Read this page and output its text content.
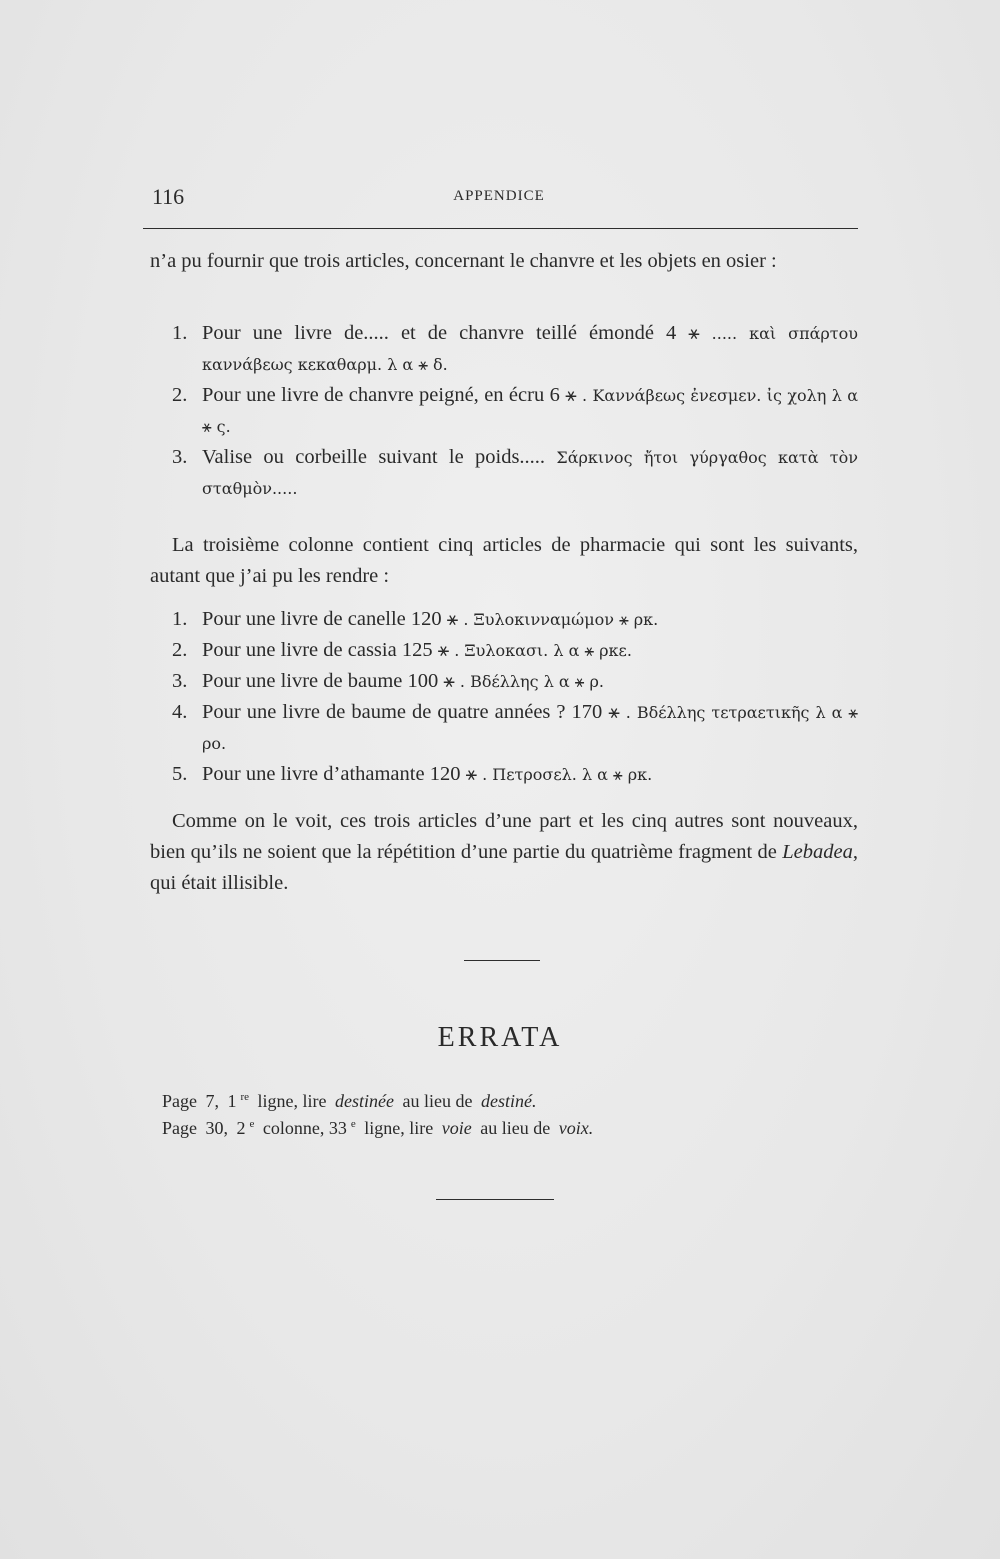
116	APPENDICE

n’a pu fournir que trois articles, concernant le chanvre et les objets en osier :

1. Pour une livre de..... et de chanvre teillé émondé 4 ⚹ ..... καὶ σπάρτου καννάβεως κεκαθαρμ. λ α ⚹ δ.
2. Pour une livre de chanvre peigné, en écru 6 ⚹ . Καννάβεως ἐνεσμεν. ἰς χολη λ α ⚹ ς.
3. Valise ou corbeille suivant le poids..... Σάρκινος ἤτοι γύργαθος κατὰ τὸν σταθμὸν.....

La troisième colonne contient cinq articles de pharmacie qui sont les suivants, autant que j’ai pu les rendre :

1. Pour une livre de canelle 120 ⚹ . Ξυλοκινναμώμον ⚹ ρκ.
2. Pour une livre de cassia 125 ⚹ . Ξυλοκασι. λ α ⚹ ρκε.
3. Pour une livre de baume 100 ⚹ . Βδέλλης λ α ⚹ ρ.
4. Pour une livre de baume de quatre années ? 170 ⚹ . Βδέλλης τετραετικῆς λ α ⚹ ρο.
5. Pour une livre d’athamante 120 ⚹ . Πετροσελ. λ α ⚹ ρκ.

Comme on le voit, ces trois articles d’une part et les cinq autres sont nouveaux, bien qu’ils ne soient que la répétition d’une partie du quatrième fragment de Lebadea, qui était illisible.

ERRATA
Page 7, 1 $^{re}$ ligne, lire destinée au lieu de destiné.
Page 30, 2 $^e$ colonne, 33 $^e$ ligne, lire voie au lieu de voix.
